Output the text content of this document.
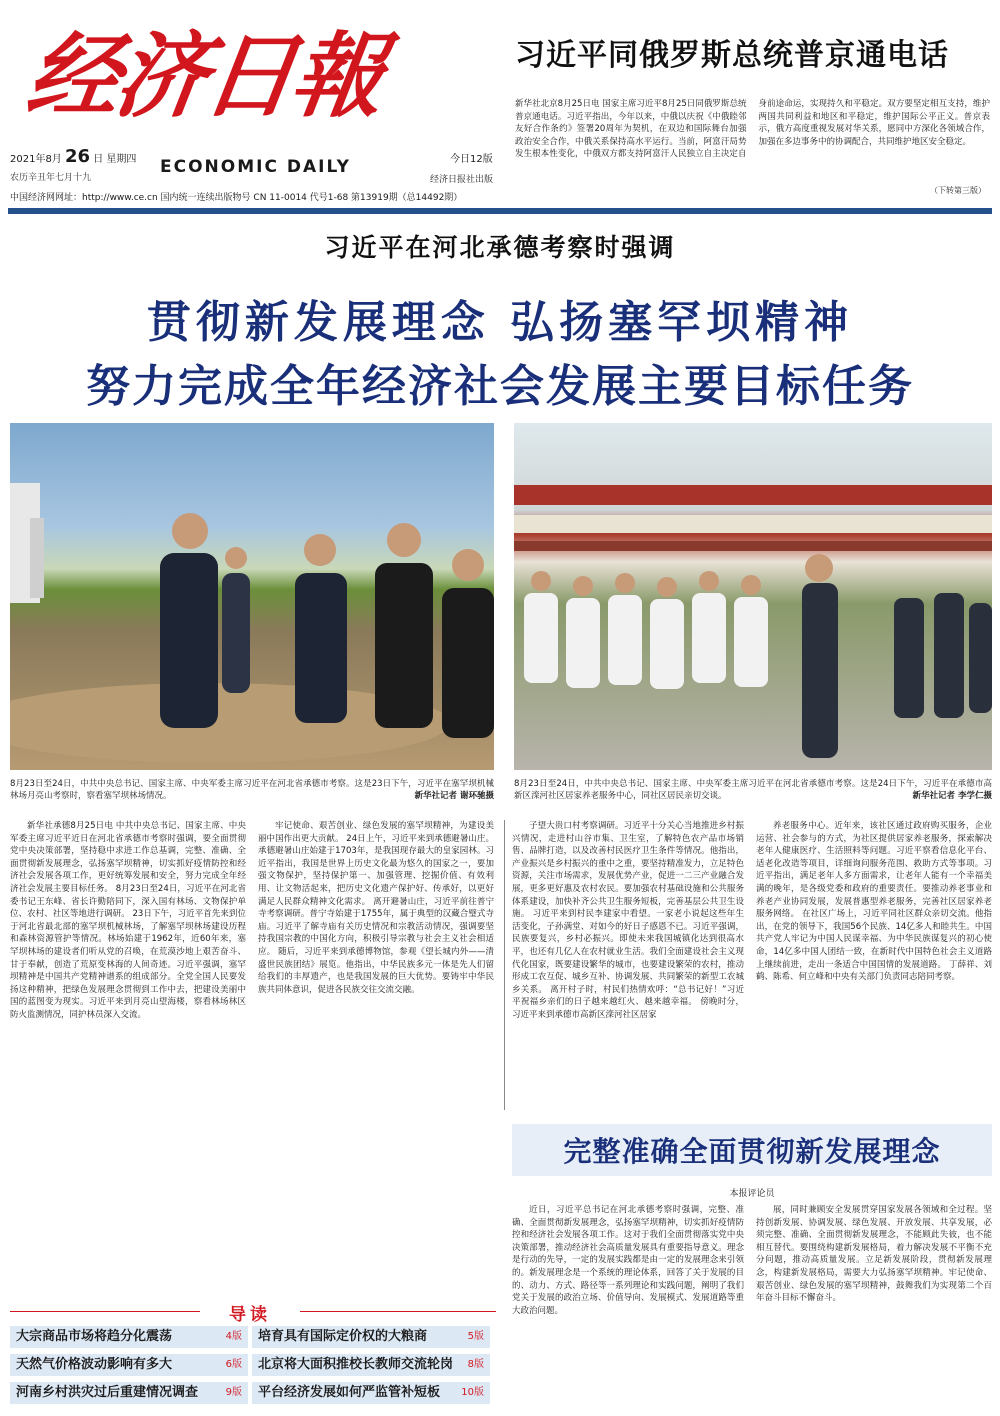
经济日報
2021年8月 26 日 星期四
农历辛丑年七月十九
ECONOMIC DAILY	今日12版
经济日报社出版
中国经济网网址：http://www.ce.cn 国内统一连续出版物号 CN 11-0014 代号1-68 第13919期（总14492期）
习近平同俄罗斯总统普京通电话
新华社北京8月25日电 国家主席习近平8月25日同俄罗斯总统普京通电话。习近平指出，今年以来，中俄以庆祝《中俄睦邻友好合作条约》签署20周年为契机，在双边和国际舞台加强政治安全合作，中俄关系保持高水平运行。当前，阿富汗局势发生根本性变化，中俄双方都支持阿富汗人民独立自主决定自身前途命运，实现持久和平稳定。双方要坚定相互支持，维护两国共同利益和地区和平稳定，维护国际公平正义。普京表示，俄方高度重视发展对华关系，愿同中方深化各领域合作，加强在多边事务中的协调配合，共同维护地区安全稳定。
（下转第三版）
习近平在河北承德考察时强调
贯彻新发展理念 弘扬塞罕坝精神
努力完成全年经济社会发展主要目标任务
8月23日至24日，中共中央总书记、国家主席、中央军委主席习近平在河北省承德市考察。这是23日下午，习近平在塞罕坝机械林场月亮山考察时，察看塞罕坝林场情况。	新华社记者 谢环驰摄
8月23日至24日，中共中央总书记、国家主席、中央军委主席习近平在河北省承德市考察。这是24日下午，习近平在承德市高新区滦河社区居家养老服务中心，同社区居民亲切交谈。	新华社记者 李学仁摄

新华社承德8月25日电 中共中央总书记、国家主席、中央军委主席习近平近日在河北省承德市考察时强调，要全面贯彻党中央决策部署，坚持稳中求进工作总基调，完整、准确、全面贯彻新发展理念，弘扬塞罕坝精神，切实抓好疫情防控和经济社会发展各项工作，更好统筹发展和安全，努力完成全年经济社会发展主要目标任务。 8月23日至24日，习近平在河北省委书记王东峰、省长许勤陪同下，深入国有林场、文物保护单位、农村、社区等地进行调研。 23日下午，习近平首先来到位于河北省最北部的塞罕坝机械林场，了解塞罕坝林场建设历程和森林资源管护等情况。林场始建于1962年，近60年来，塞罕坝林场的建设者们听从党的召唤，在荒漠沙地上艰苦奋斗、甘于奉献，创造了荒原变林海的人间奇迹。习近平强调，塞罕坝精神是中国共产党精神谱系的组成部分。全党全国人民要发扬这种精神，把绿色发展理念贯彻到工作中去，把建设美丽中国的蓝图变为现实。习近平来到月亮山望海楼，察看林场林区防火监测情况，同护林员深入交流。

牢记使命、艰苦创业、绿色发展的塞罕坝精神，为建设美丽中国作出更大贡献。 24日上午，习近平来到承德避暑山庄。承德避暑山庄始建于1703年，是我国现存最大的皇家园林。习近平指出，我国是世界上历史文化最为悠久的国家之一，要加强文物保护，坚持保护第一、加强管理、挖掘价值、有效利用、让文物活起来，把历史文化遗产保护好、传承好，以更好满足人民群众精神文化需求。 离开避暑山庄，习近平前往普宁寺考察调研。普宁寺始建于1755年，属于典型的汉藏合璧式寺庙。习近平了解寺庙有关历史情况和宗教活动情况，强调要坚持我国宗教的中国化方向，积极引导宗教与社会主义社会相适应。 随后，习近平来到承德博物馆，参观《望长城内外——清盛世民族团结》展览。他指出，中华民族多元一体是先人们留给我们的丰厚遗产，也是我国发展的巨大优势。要铸牢中华民族共同体意识，促进各民族交往交流交融。

子望大贵口村考察调研。习近平十分关心当地推进乡村振兴情况，走进村山谷市集、卫生室，了解特色农产品市场销售、品牌打造，以及改善村民医疗卫生条件等情况。他指出，产业振兴是乡村振兴的重中之重，要坚持精准发力，立足特色资源，关注市场需求，发展优势产业，促进一二三产业融合发展，更多更好惠及农村农民。要加强农村基础设施和公共服务体系建设，加快补齐公共卫生服务短板，完善基层公共卫生设施。 习近平来到村民李建家中看望。一家老小说起这些年生活变化，子孙满堂、对如今的好日子感恩不已。习近平强调，民族要复兴，乡村必振兴。即使未来我国城镇化达到很高水平，也还有几亿人在农村就业生活。我们全面建设社会主义现代化国家，既要建设繁华的城市，也要建设繁荣的农村，推动形成工农互促、城乡互补、协调发展、共同繁荣的新型工农城乡关系。 离开村子时，村民们热情欢呼：“总书记好！”习近平祝福乡亲们的日子越来越红火、越来越幸福。 傍晚时分，习近平来到承德市高新区滦河社区居家

养老服务中心。近年来，该社区通过政府购买服务，企业运营、社会参与的方式，为社区提供居家养老服务，探索解决老年人健康医疗、生活照料等问题。习近平察看信息化平台、适老化改造等项目，详细询问服务范围、救助方式等事项。习近平指出，满足老年人多方面需求，让老年人能有一个幸福美满的晚年，是各级党委和政府的重要责任。要推动养老事业和养老产业协同发展，发展普惠型养老服务，完善社区居家养老服务网络。 在社区广场上，习近平同社区群众亲切交流。他指出，在党的领导下，我国56个民族、14亿多人和睦共生。中国共产党人牢记为中国人民谋幸福、为中华民族谋复兴的初心使命，14亿多中国人团结一致，在新时代中国特色社会主义道路上继续前进，走出一条适合中国国情的发展道路。 丁薛祥、刘鹤、陈希、何立峰和中央有关部门负责同志陪同考察。

导读
大宗商品市场将趋分化震荡	4版	培育具有国际定价权的大粮商	5版
天然气价格波动影响有多大	6版	北京将大面积推校长教师交流轮岗 8版
河南乡村洪灾过后重建情况调查	9版	平台经济发展如何严监管补短板 10版
完整准确全面贯彻新发展理念
本报评论员

近日，习近平总书记在河北承德考察时强调，完整、准确、全面贯彻新发展理念，弘扬塞罕坝精神，切实抓好疫情防控和经济社会发展各项工作。这对于我们全面贯彻落实党中央决策部署，推动经济社会高质量发展具有重要指导意义。理念是行动的先导，一定的发展实践都是由一定的发展理念来引领的。新发展理念是一个系统的理论体系，回答了关于发展的目的、动力、方式、路径等一系列理论和实践问题，阐明了我们党关于发展的政治立场、价值导向、发展模式、发展道路等重大政治问题。

展，同时兼顾安全发展贯穿国家发展各领域和全过程。坚持创新发展、协调发展、绿色发展、开放发展、共享发展，必须完整、准确、全面贯彻新发展理念，不能顾此失彼，也不能相互替代。要围绕构建新发展格局，着力解决发展不平衡不充分问题，推动高质量发展。立足新发展阶段，贯彻新发展理念，构建新发展格局，需要大力弘扬塞罕坝精神。牢记使命、艰苦创业、绿色发展的塞罕坝精神，鼓舞我们为实现第二个百年奋斗目标不懈奋斗。
